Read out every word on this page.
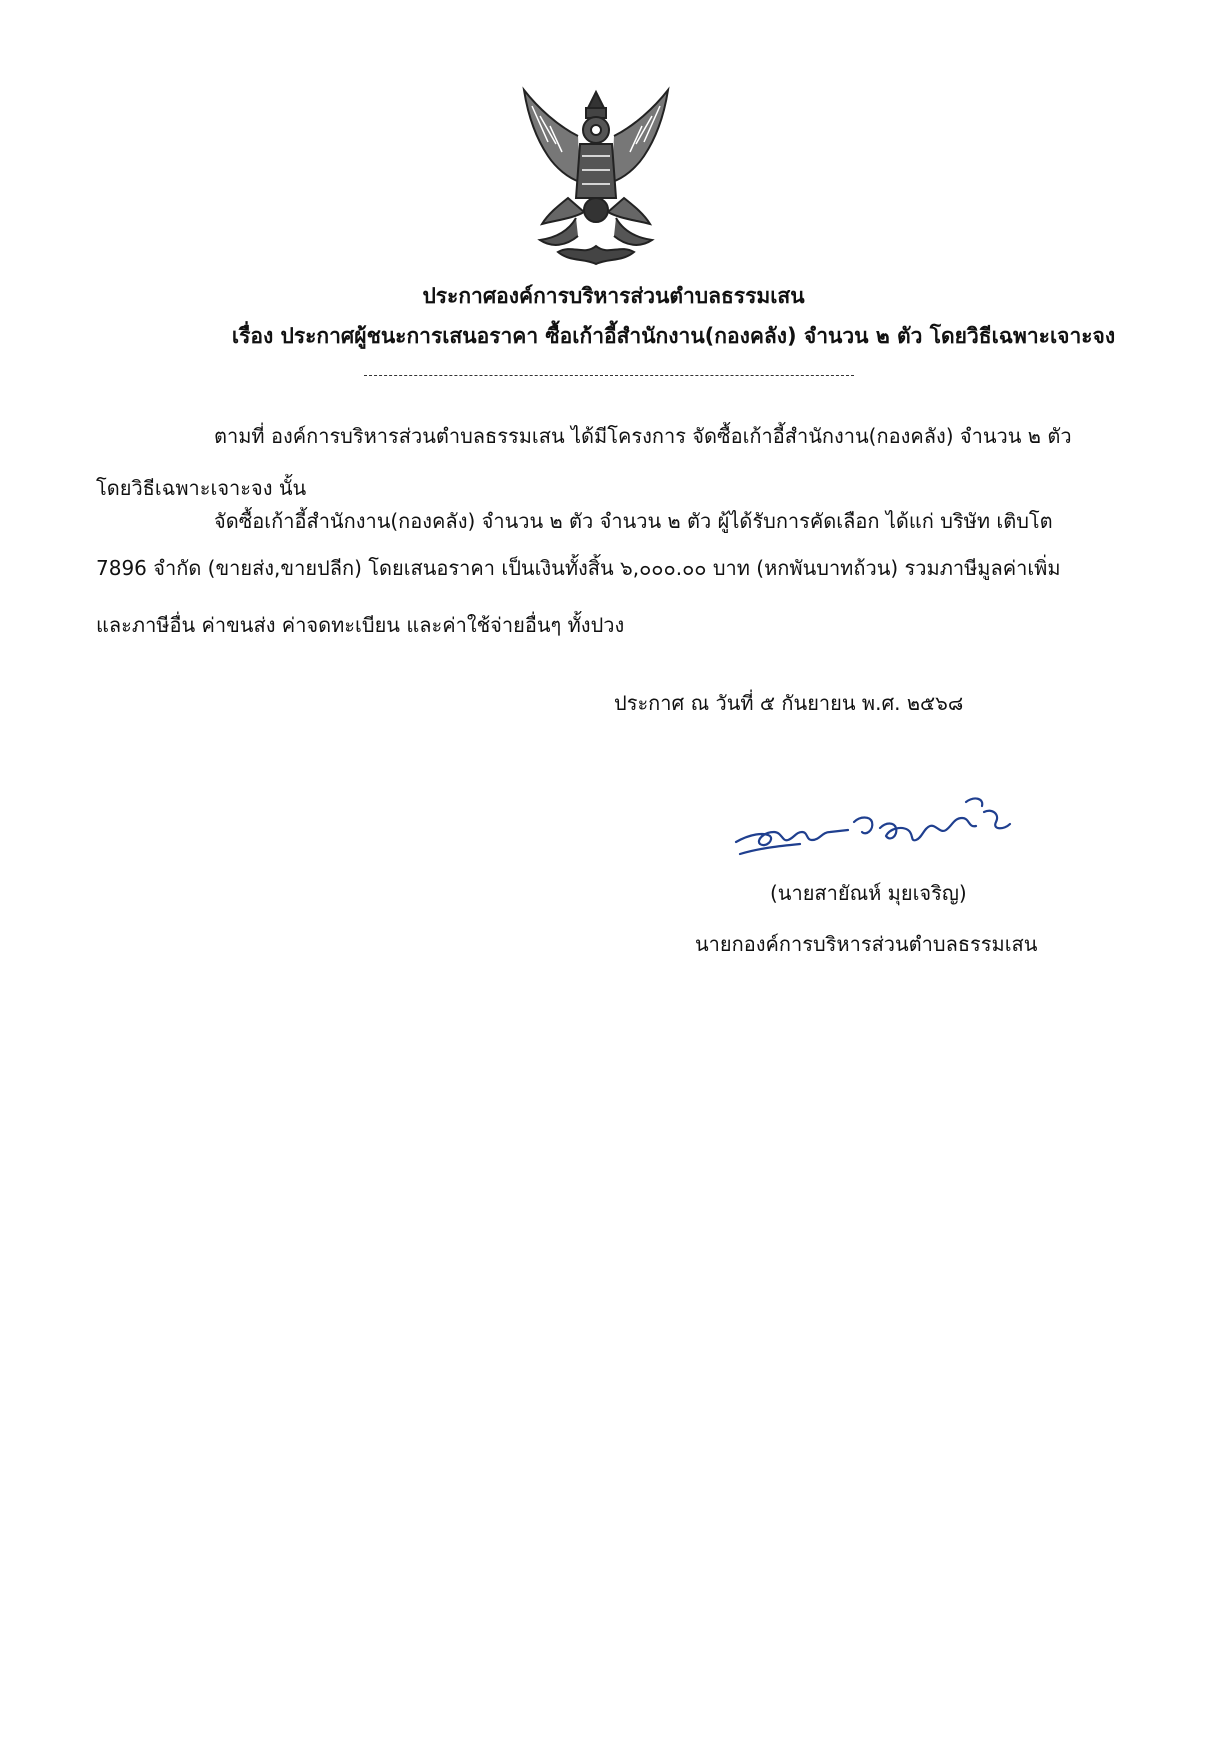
ประกาศองค์การบริหารส่วนตำบลธรรมเสน
เรื่อง ประกาศผู้ชนะการเสนอราคา ซื้อเก้าอี้สำนักงาน(กองคลัง) จำนวน ๒ ตัว โดยวิธีเฉพาะเจาะจง
ตามที่ องค์การบริหารส่วนตำบลธรรมเสน ได้มีโครงการ จัดซื้อเก้าอี้สำนักงาน(กองคลัง) จำนวน ๒ ตัว
โดยวิธีเฉพาะเจาะจง นั้น
จัดซื้อเก้าอี้สำนักงาน(กองคลัง) จำนวน ๒ ตัว จำนวน ๒ ตัว ผู้ได้รับการคัดเลือก ได้แก่ บริษัท เติบโต
7896 จำกัด (ขายส่ง,ขายปลีก) โดยเสนอราคา เป็นเงินทั้งสิ้น ๖,๐๐๐.๐๐ บาท (หกพันบาทถ้วน) รวมภาษีมูลค่าเพิ่ม
และภาษีอื่น ค่าขนส่ง ค่าจดทะเบียน และค่าใช้จ่ายอื่นๆ ทั้งปวง
ประกาศ ณ วันที่ ๕ กันยายน พ.ศ. ๒๕๖๘
(นายสายัณห์ มุยเจริญ)
นายกองค์การบริหารส่วนตำบลธรรมเสน
